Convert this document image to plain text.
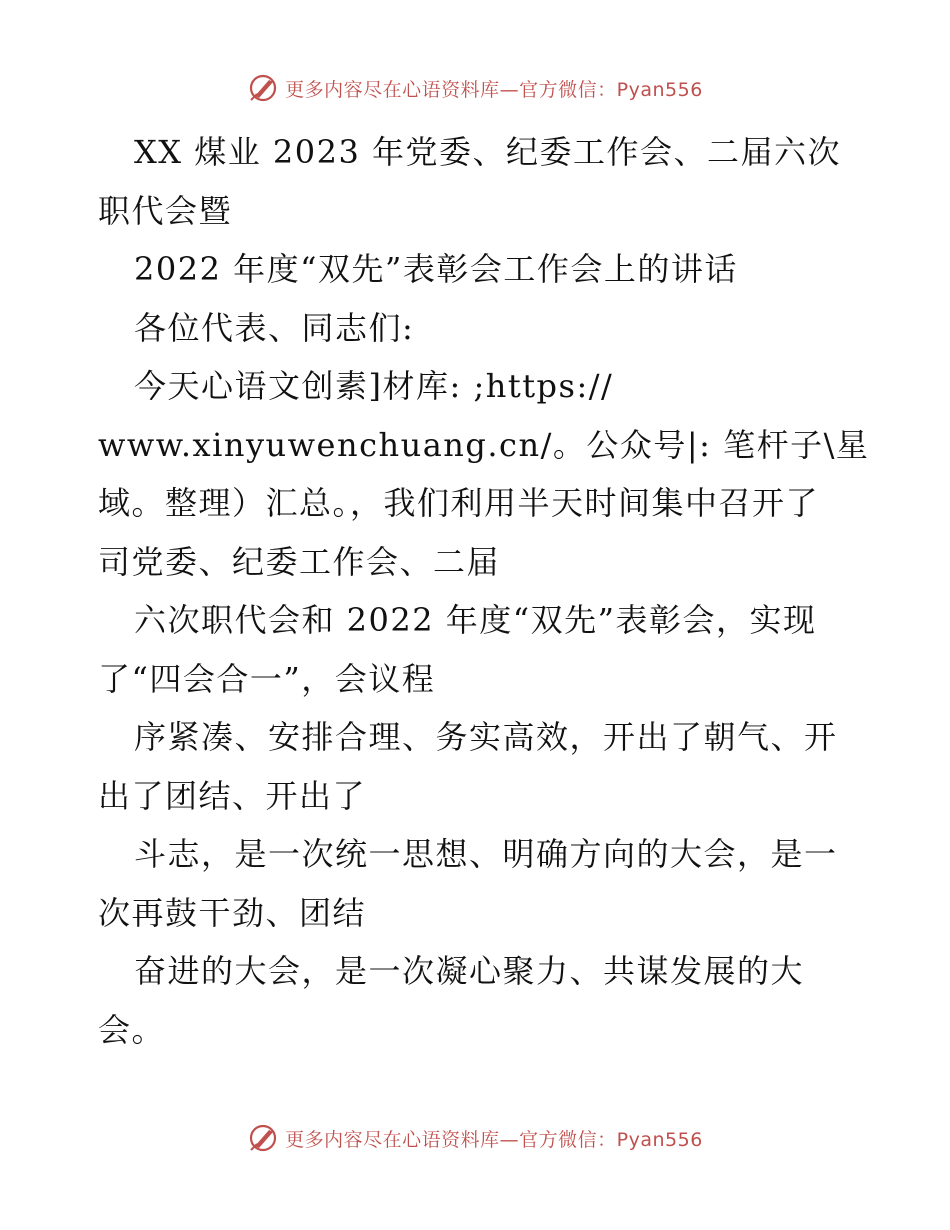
更多内容尽在心语资料库—官方微信：Pyan556
XX 煤业 2023 年党委、纪委工作会、二届六次
职代会暨
2022 年度“双先”表彰会工作会上的讲话
各位代表、同志们:
今天心语文创素]材库: ;https://
www.xinyuwenchuang.cn/。公众号|: 笔杆子\星
域。整理）汇总。，我们利用半天时间集中召开了
司党委、纪委工作会、二届
六次职代会和 2022 年度“双先”表彰会，实现
了“四会合一”，会议程
序紧凑、安排合理、务实高效，开出了朝气、开
出了团结、开出了
斗志，是一次统一思想、明确方向的大会，是一
次再鼓干劲、团结
奋进的大会，是一次凝心聚力、共谋发展的大
会。
更多内容尽在心语资料库—官方微信：Pyan556
